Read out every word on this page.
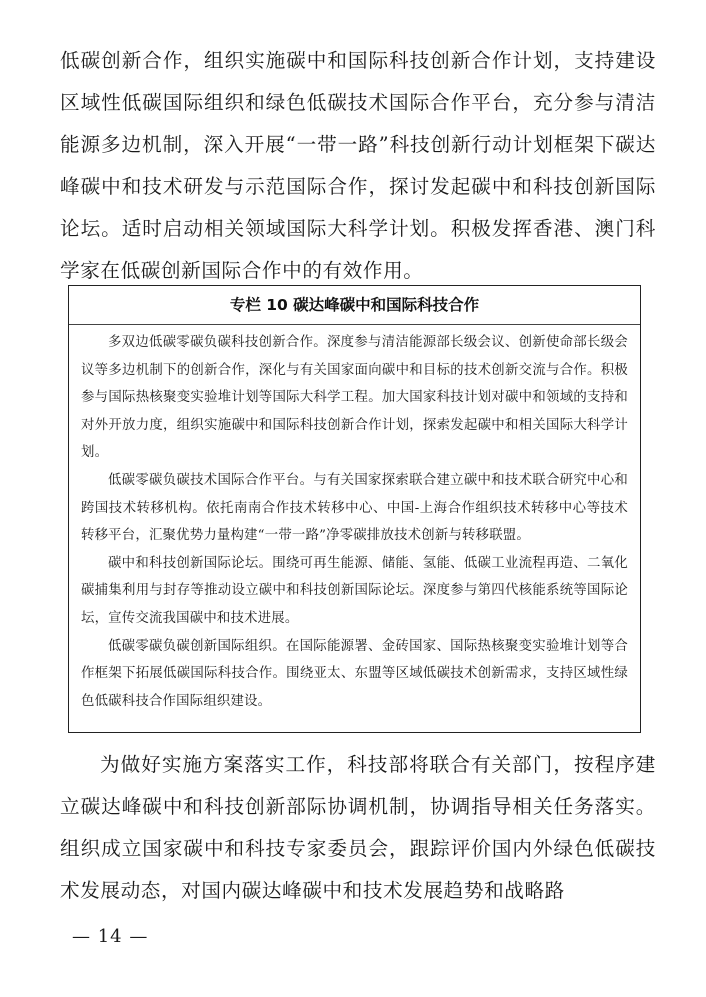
低碳创新合作，组织实施碳中和国际科技创新合作计划，支持建设区域性低碳国际组织和绿色低碳技术国际合作平台，充分参与清洁能源多边机制，深入开展“一带一路”科技创新行动计划框架下碳达峰碳中和技术研发与示范国际合作，探讨发起碳中和科技创新国际论坛。适时启动相关领域国际大科学计划。积极发挥香港、澳门科学家在低碳创新国际合作中的有效作用。

专栏 10 碳达峰碳中和国际科技合作

多双边低碳零碳负碳科技创新合作。深度参与清洁能源部长级会议、创新使命部长级会议等多边机制下的创新合作，深化与有关国家面向碳中和目标的技术创新交流与合作。积极参与国际热核聚变实验堆计划等国际大科学工程。加大国家科技计划对碳中和领域的支持和对外开放力度，组织实施碳中和国际科技创新合作计划，探索发起碳中和相关国际大科学计划。

低碳零碳负碳技术国际合作平台。与有关国家探索联合建立碳中和技术联合研究中心和跨国技术转移机构。依托南南合作技术转移中心、中国-上海合作组织技术转移中心等技术转移平台，汇聚优势力量构建“一带一路”净零碳排放技术创新与转移联盟。

碳中和科技创新国际论坛。围绕可再生能源、储能、氢能、低碳工业流程再造、二氧化碳捕集利用与封存等推动设立碳中和科技创新国际论坛。深度参与第四代核能系统等国际论坛，宣传交流我国碳中和技术进展。

低碳零碳负碳创新国际组织。在国际能源署、金砖国家、国际热核聚变实验堆计划等合作框架下拓展低碳国际科技合作。围绕亚太、东盟等区域低碳技术创新需求，支持区域性绿色低碳科技合作国际组织建设。

为做好实施方案落实工作，科技部将联合有关部门，按程序建立碳达峰碳中和科技创新部际协调机制，协调指导相关任务落实。组织成立国家碳中和科技专家委员会，跟踪评价国内外绿色低碳技术发展动态，对国内碳达峰碳中和技术发展趋势和战略路

— 14 —
